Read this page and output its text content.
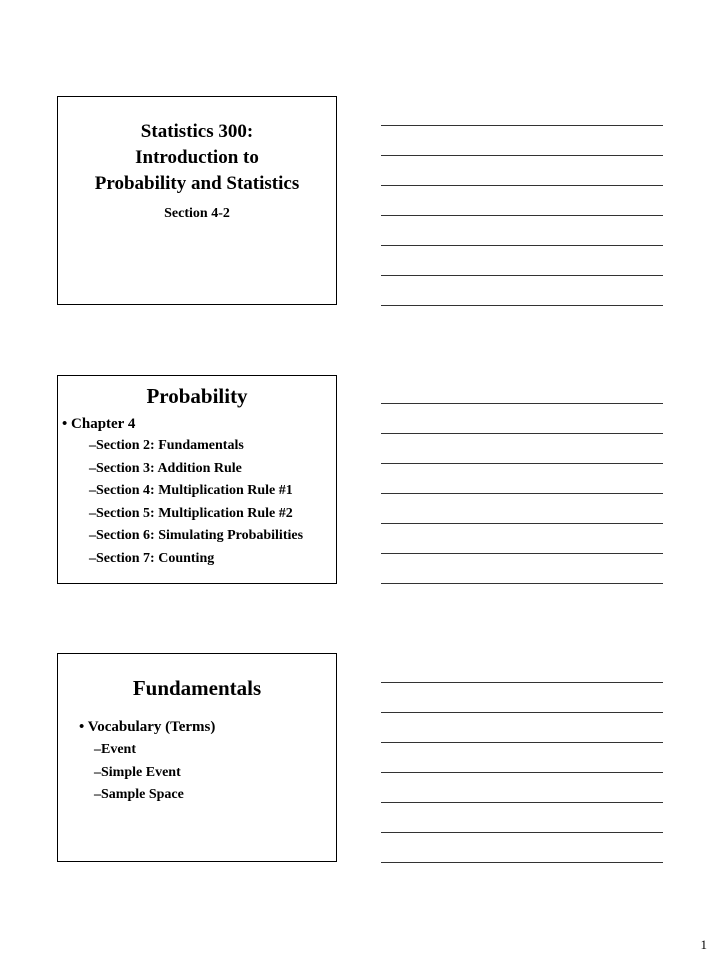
Statistics 300:
Introduction to
Probability and Statistics
Section 4-2
Probability
• Chapter 4
–Section 2: Fundamentals
–Section 3: Addition Rule
–Section 4: Multiplication Rule #1
–Section 5: Multiplication Rule #2
–Section 6: Simulating Probabilities
–Section 7: Counting
Fundamentals
• Vocabulary (Terms)
–Event
–Simple Event
–Sample Space
1
